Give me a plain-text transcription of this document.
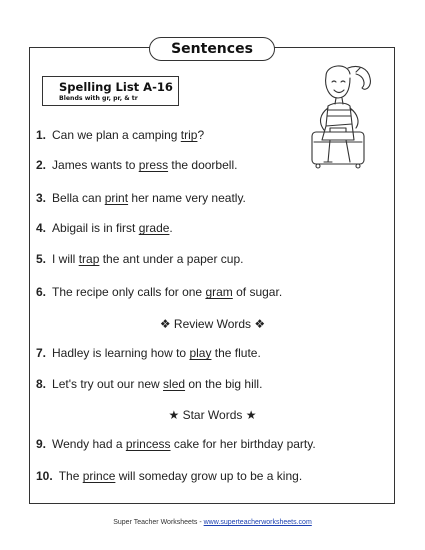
Sentences
Spelling List A-16
Blends with gr, pr, & tr
1. Can we plan a camping trip?
2. James wants to press the doorbell.
3. Bella can print her name very neatly.
4. Abigail is in first grade.
5. I will trap the ant under a paper cup.
6. The recipe only calls for one gram of sugar.
❖ Review Words ❖
7. Hadley is learning how to play the flute.
8. Let's try out our new sled on the big hill.
★ Star Words ★
9. Wendy had a princess cake for her birthday party.
10. The prince will someday grow up to be a king.
Super Teacher Worksheets - www.superteacherworksheets.com
